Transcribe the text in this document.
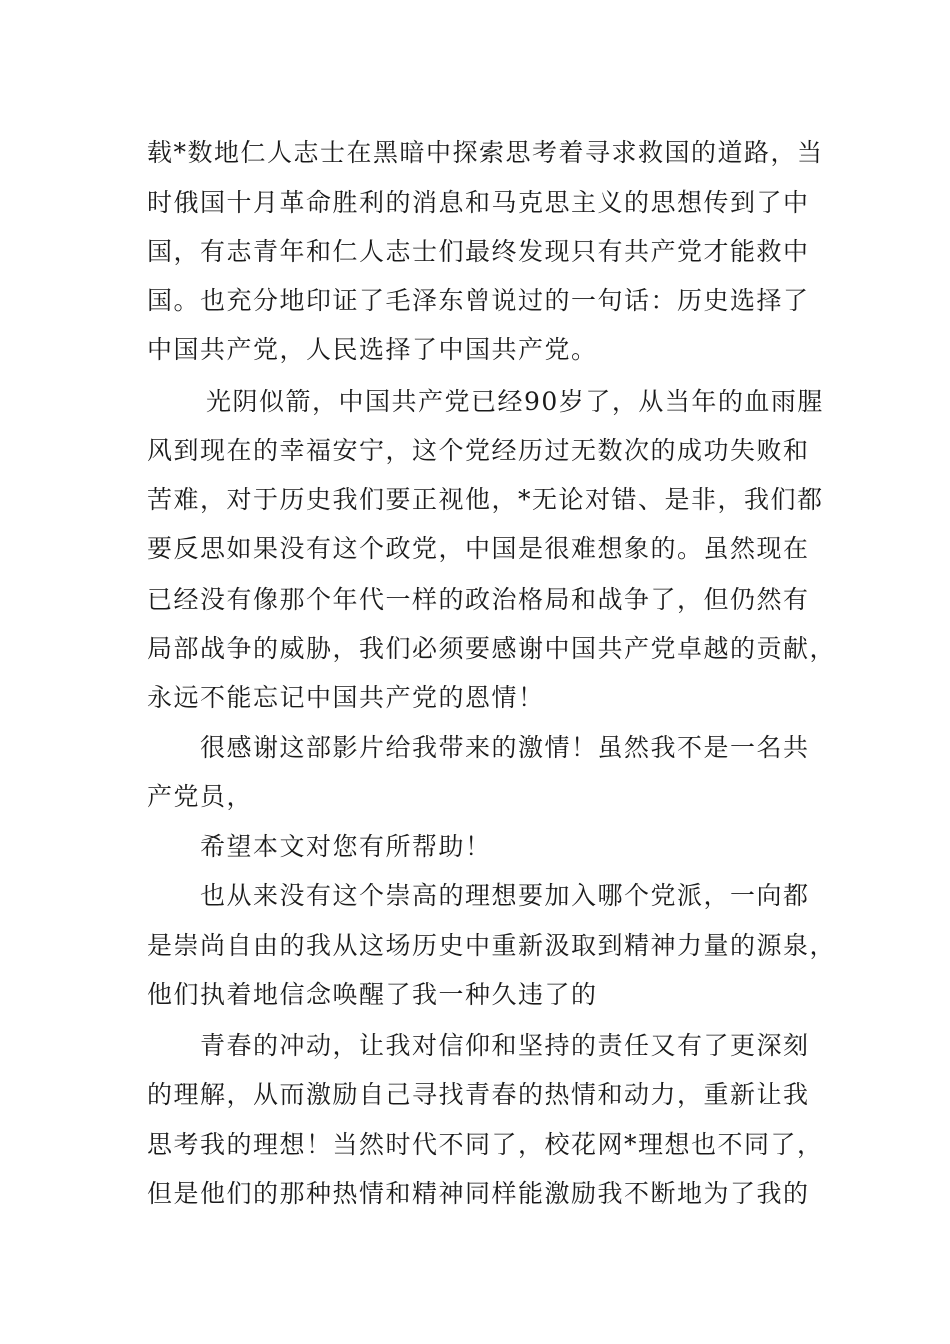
载*数地仁人志士在黑暗中探索思考着寻求救国的道路，当
时俄国十月革命胜利的消息和马克思主义的思想传到了中
国，有志青年和仁人志士们最终发现只有共产党才能救中
国。也充分地印证了毛泽东曾说过的一句话：历史选择了
中国共产党，人民选择了中国共产党。
光阴似箭，中国共产党已经90岁了，从当年的血雨腥
风到现在的幸福安宁，这个党经历过无数次的成功失败和
苦难，对于历史我们要正视他，*无论对错、是非，我们都
要反思如果没有这个政党，中国是很难想象的。虽然现在
已经没有像那个年代一样的政治格局和战争了，但仍然有
局部战争的威胁，我们必须要感谢中国共产党卓越的贡献，
永远不能忘记中国共产党的恩情！
很感谢这部影片给我带来的激情！虽然我不是一名共
产党员，
希望本文对您有所帮助！
也从来没有这个崇高的理想要加入哪个党派，一向都
是崇尚自由的我从这场历史中重新汲取到精神力量的源泉，
他们执着地信念唤醒了我一种久违了的
青春的冲动，让我对信仰和坚持的责任又有了更深刻
的理解，从而激励自己寻找青春的热情和动力，重新让我
思考我的理想！当然时代不同了，校花网*理想也不同了，
但是他们的那种热情和精神同样能激励我不断地为了我的
